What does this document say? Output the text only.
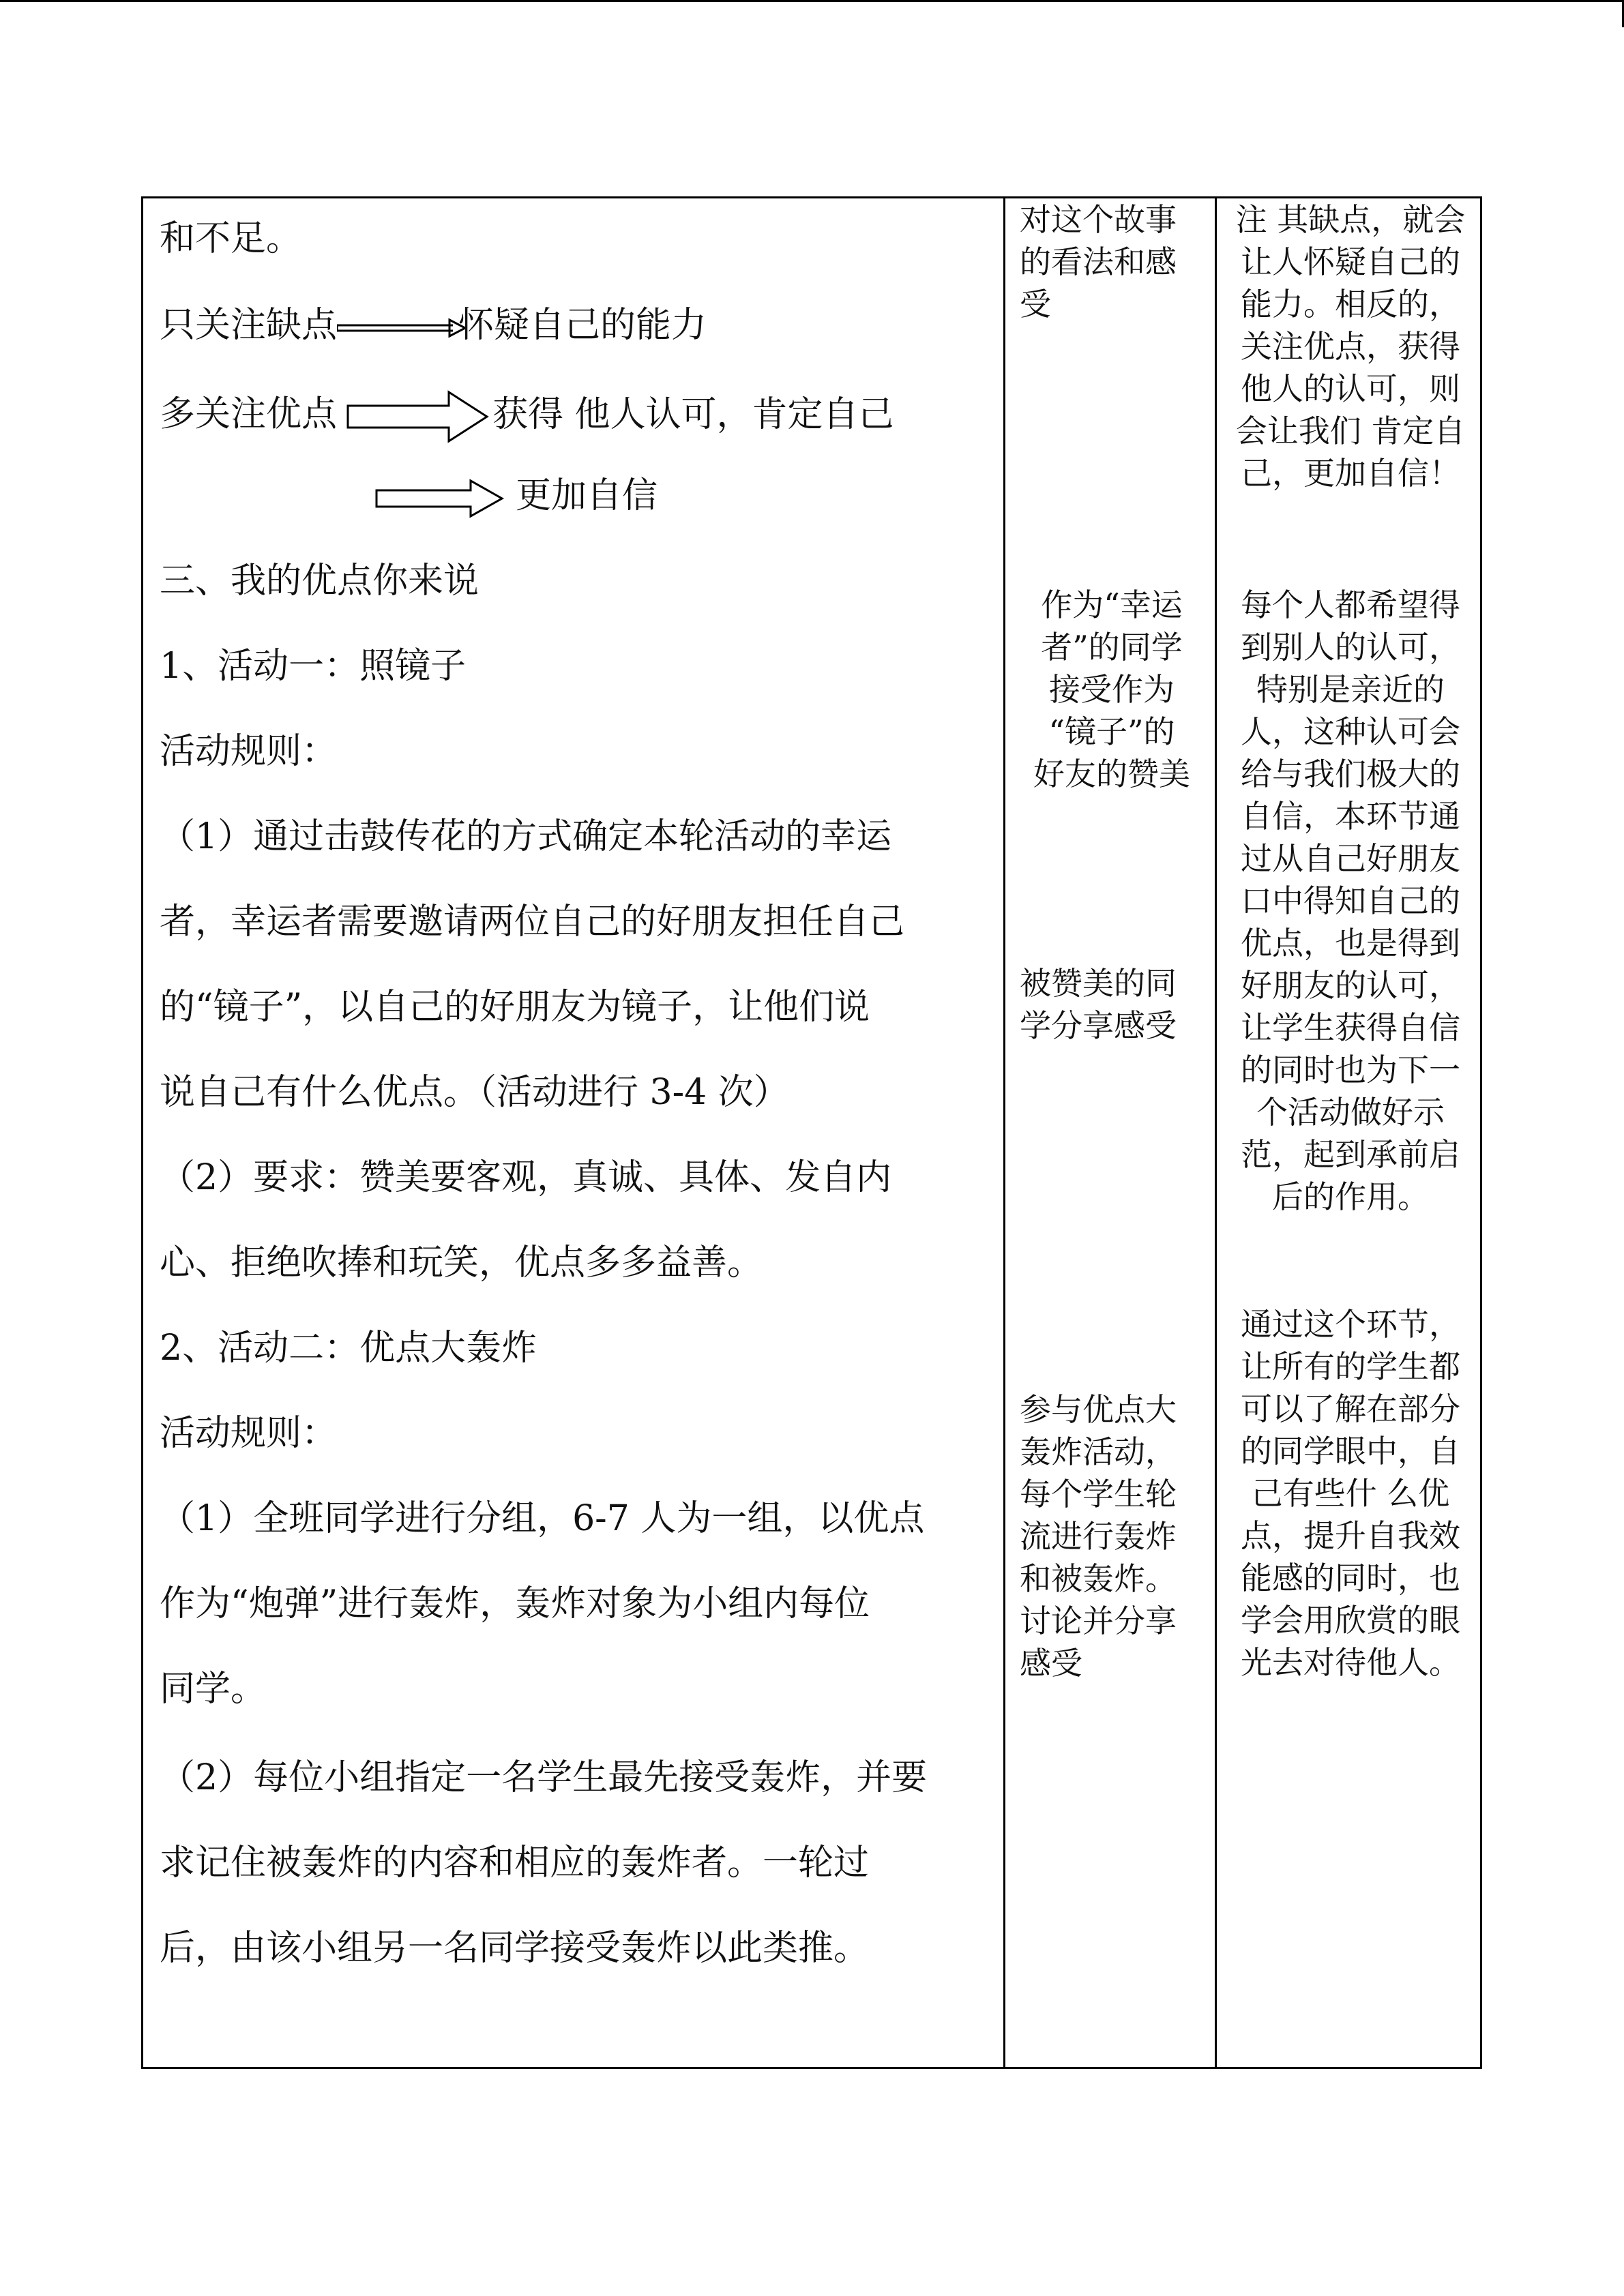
和不足。
只关注缺点	怀疑自己的能力
多关注优点	获得 他人认可，肯定自己
更加自信
三、我的优点你来说
1、活动一：照镜子
活动规则：
（1）通过击鼓传花的方式确定本轮活动的幸运
者，幸运者需要邀请两位自己的好朋友担任自己
的“镜子”，以自己的好朋友为镜子，让他们说
说自己有什么优点。（活动进行 3-4 次）
（2）要求：赞美要客观，真诚、具体、发自内
心、拒绝吹捧和玩笑，优点多多益善。
2、活动二：优点大轰炸
活动规则：
（1）全班同学进行分组，6-7 人为一组，以优点
作为“炮弹”进行轰炸，轰炸对象为小组内每位
同学。
（2）每位小组指定一名学生最先接受轰炸，并要
求记住被轰炸的内容和相应的轰炸者。一轮过
后，由该小组另一名同学接受轰炸以此类推。
对这个故事
的看法和感
受
作为“幸运
者”的同学
接受作为
“镜子”的
好友的赞美
被赞美的同
学分享感受
参与优点大
轰炸活动，
每个学生轮
流进行轰炸
和被轰炸。
讨论并分享
感受
注 其缺点，就会
让人怀疑自己的
能力。相反的，
关注优点，获得
他人的认可，则
会让我们 肯定自
己，更加自信！
每个人都希望得
到别人的认可，
特别是亲近的
人，这种认可会
给与我们极大的
自信，本环节通
过从自己好朋友
口中得知自己的
优点，也是得到
好朋友的认可，
让学生获得自信
的同时也为下一
个活动做好示
范，起到承前启
后的作用。
通过这个环节，
让所有的学生都
可以了解在部分
的同学眼中，自
己有些什 么优
点，提升自我效
能感的同时，也
学会用欣赏的眼
光去对待他人。
